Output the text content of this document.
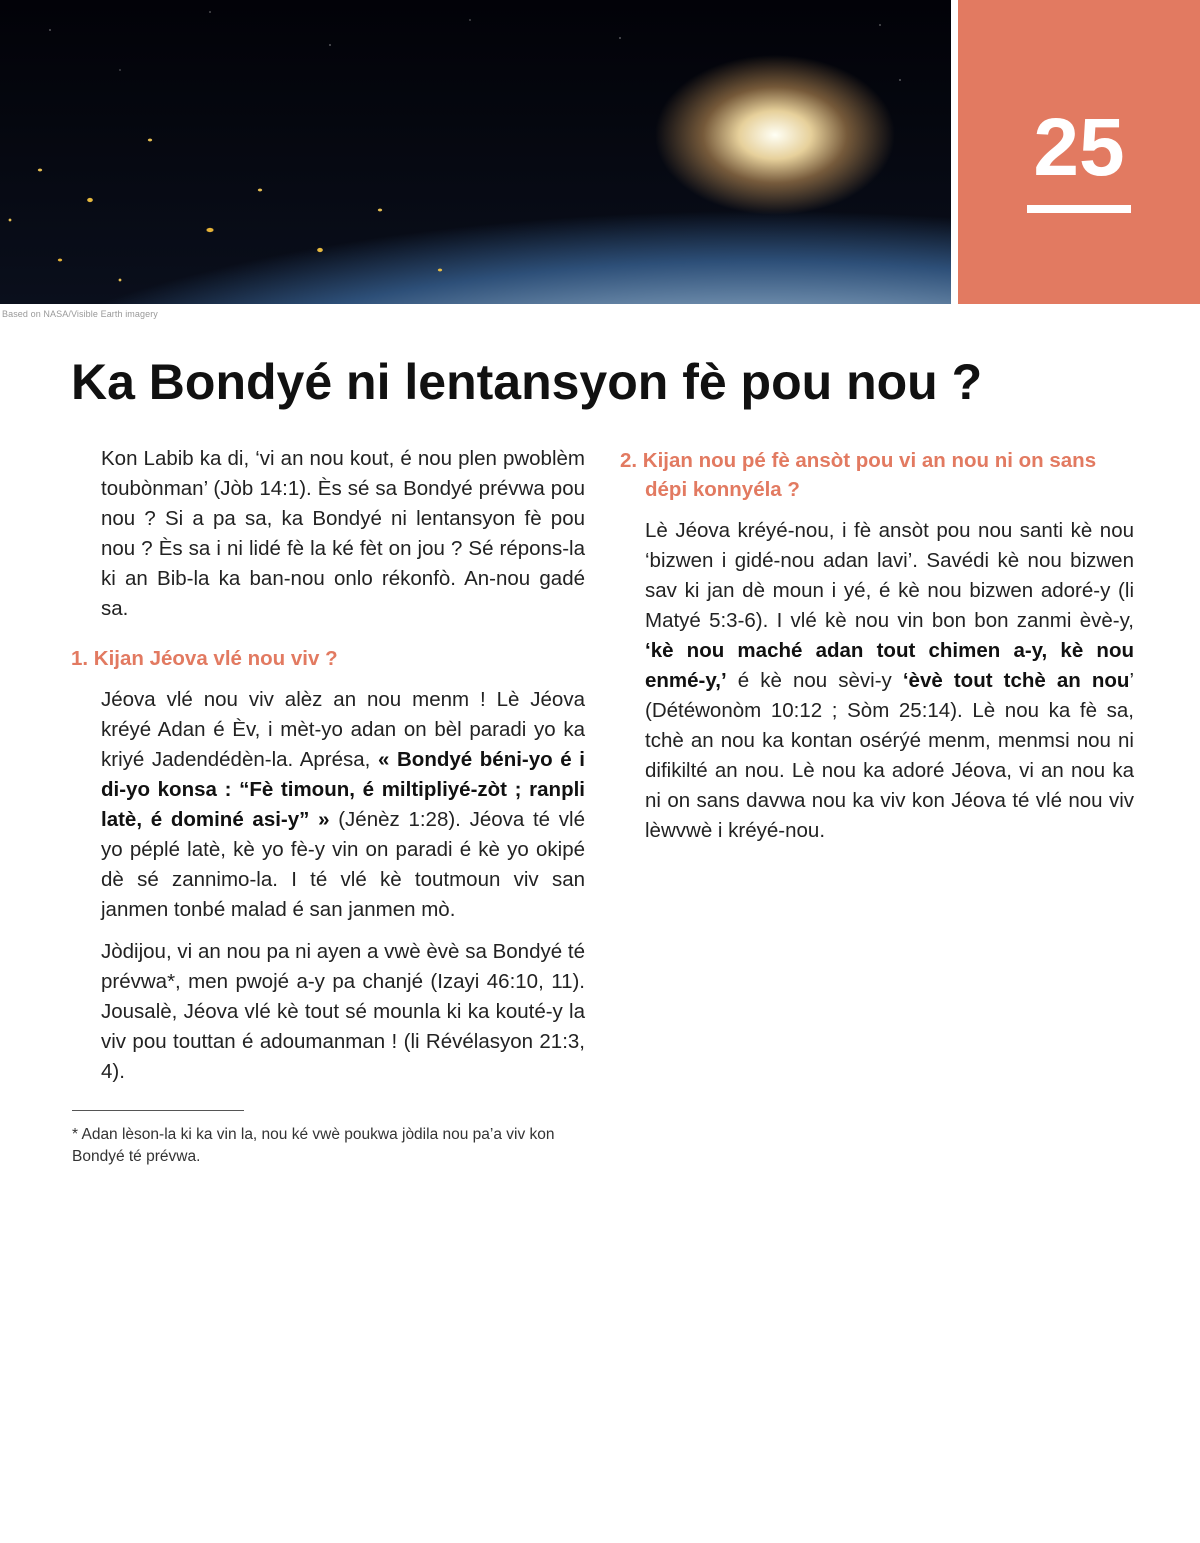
Based on NASA/Visible Earth imagery
25
Ka Bondyé ni lentansyon fè pou nou ?

Kon Labib ka di, ‘vi an nou kout, é nou plen pwoblèm toubònman’ (Jòb 14:1). Ès sé sa Bondyé prévwa pou nou ? Si a pa sa, ka Bondyé ni lentansyon fè pou nou ? Ès sa i ni lidé fè la ké fèt on jou ? Sé répons-la ki an Bib-la ka ban-nou onlo rékonfò. An-nou gadé sa.

1. Kijan Jéova vlé nou viv ?

Jéova vlé nou viv alèz an nou menm ! Lè Jéova kréyé Adan é Èv, i mèt-yo adan on bèl paradi yo ka kriyé Jadendédèn-la. Aprésa, « Bondyé béni-yo é i di-yo konsa : “Fè timoun, é miltipliyé-zòt ; ranpli latè, é dominé asi-y” » (Jénèz 1:28). Jéova té vlé yo péplé latè, kè yo fè-y vin on paradi é kè yo okipé dè sé zannimo-la. I té vlé kè toutmoun viv san janmen tonbé malad é san janmen mò.

Jòdijou, vi an nou pa ni ayen a vwè èvè sa Bondyé té prévwa*, men pwojé a-y pa chanjé (Izayi 46:10, 11). Jousalè, Jéova vlé kè tout sé mounla ki ka kouté-y la viv pou touttan é adoumanman ! (li Révélasyon 21:3, 4).

* Adan lèson-la ki ka vin la, nou ké vwè poukwa jòdila nou pa’a viv kon Bondyé té prévwa.
2. Kijan nou pé fè ansòt pou vi an nou ni on sans dépi konnyéla ?

Lè Jéova kréyé-nou, i fè ansòt pou nou santi kè nou ‘bizwen i gidé-nou adan lavi’. Savédi kè nou bizwen sav ki jan dè moun i yé, é kè nou bizwen adoré-y (li Matyé 5:3-6). I vlé kè nou vin bon bon zanmi èvè-y, ‘kè nou maché adan tout chimen a-y, kè nou enmé-y,’ é kè nou sèvi-y ‘èvè tout tchè an nou’ (Détéwonòm 10:12 ; Sòm 25:14). Lè nou ka fè sa, tchè an nou ka kontan osérýé menm, menmsi nou ni difikilté an nou. Lè nou ka adoré Jéova, vi an nou ka ni on sans davwa nou ka viv kon Jéova té vlé nou viv lèwvwè i kréyé-nou.
